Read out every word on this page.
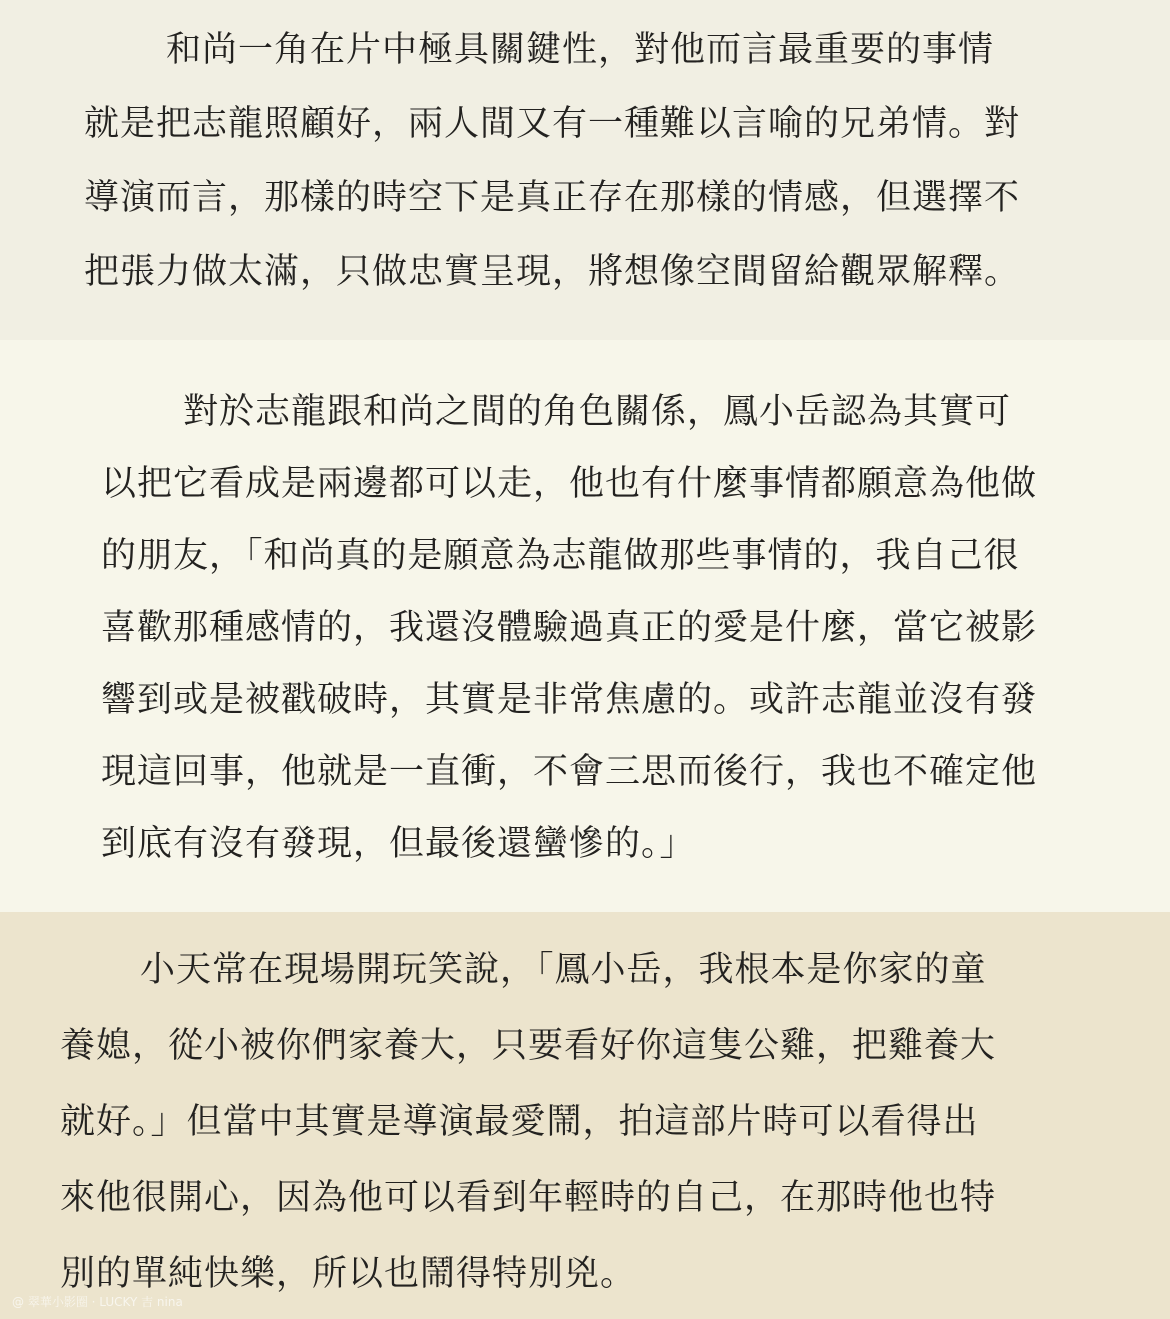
和尚一角在片中極具關鍵性，對他而言最重要的事情
就是把志龍照顧好，兩人間又有一種難以言喻的兄弟情。對
導演而言，那樣的時空下是真正存在那樣的情感，但選擇不
把張力做太滿，只做忠實呈現，將想像空間留給觀眾解釋。
對於志龍跟和尚之間的角色關係，鳳小岳認為其實可
以把它看成是兩邊都可以走，他也有什麼事情都願意為他做
的朋友，「和尚真的是願意為志龍做那些事情的，我自己很
喜歡那種感情的，我還沒體驗過真正的愛是什麼，當它被影
響到或是被戳破時，其實是非常焦慮的。或許志龍並沒有發
現這回事，他就是一直衝，不會三思而後行，我也不確定他
到底有沒有發現，但最後還蠻慘的。」
小天常在現場開玩笑說，「鳳小岳，我根本是你家的童
養媳，從小被你們家養大，只要看好你這隻公雞，把雞養大
就好。」但當中其實是導演最愛鬧，拍這部片時可以看得出
來他很開心，因為他可以看到年輕時的自己，在那時他也特
別的單純快樂，所以也鬧得特別兇。
@ 翠華小影圈 · LUCKY 吉 nina
